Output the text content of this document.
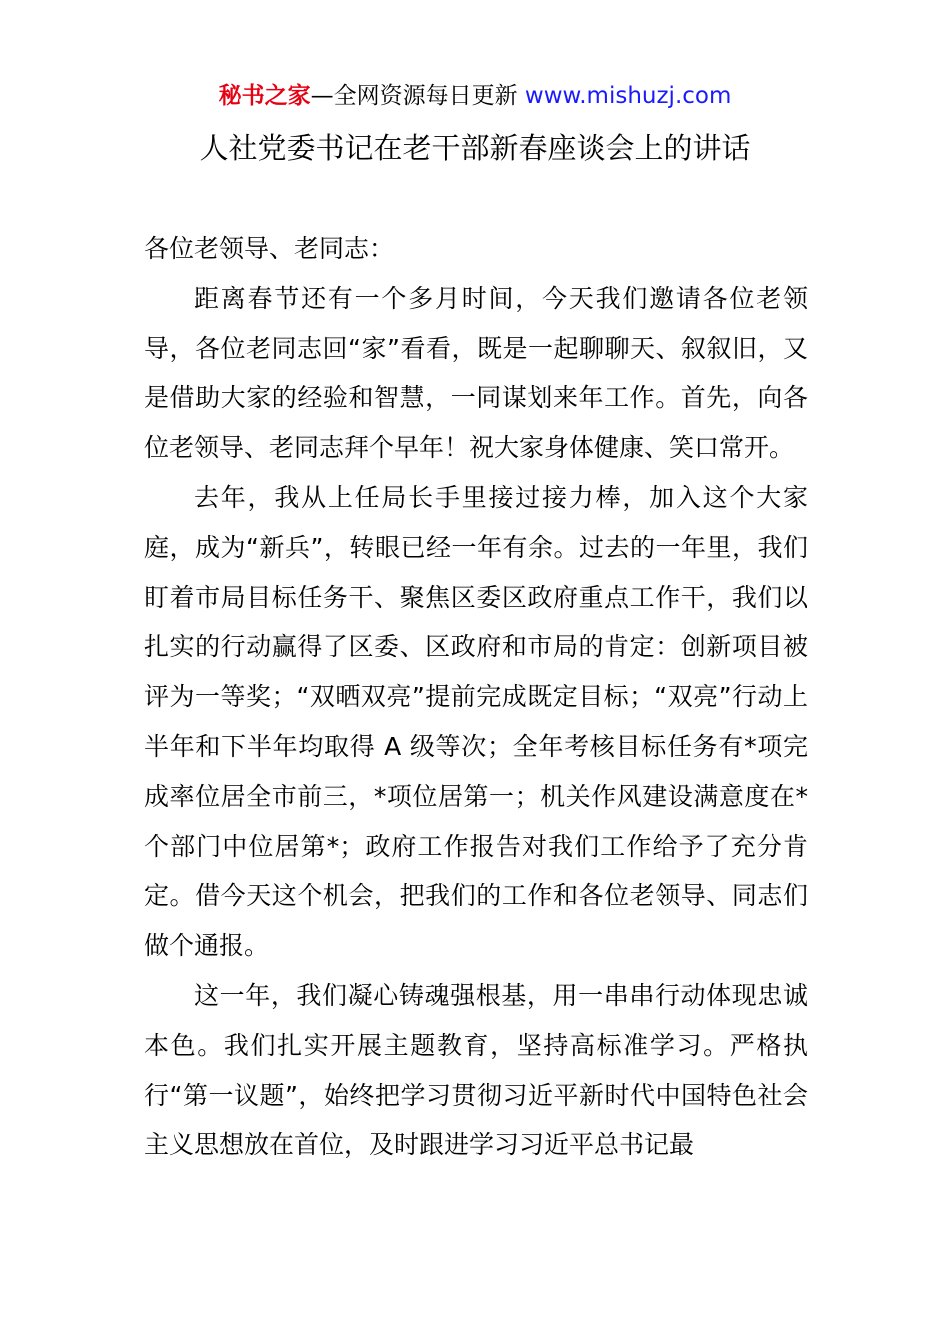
秘书之家—全网资源每日更新 www.mishuzj.com
人社党委书记在老干部新春座谈会上的讲话

各位老领导、老同志：

距离春节还有一个多月时间，今天我们邀请各位老领导，各位老同志回“家”看看，既是一起聊聊天、叙叙旧，又是借助大家的经验和智慧，一同谋划来年工作。首先，向各位老领导、老同志拜个早年！祝大家身体健康、笑口常开。

去年，我从上任局长手里接过接力棒，加入这个大家庭，成为“新兵”，转眼已经一年有余。过去的一年里，我们盯着市局目标任务干、聚焦区委区政府重点工作干，我们以扎实的行动赢得了区委、区政府和市局的肯定：创新项目被评为一等奖；“双晒双亮”提前完成既定目标；“双亮”行动上半年和下半年均取得 A 级等次；全年考核目标任务有*项完成率位居全市前三，*项位居第一；机关作风建设满意度在*个部门中位居第*；政府工作报告对我们工作给予了充分肯定。借今天这个机会，把我们的工作和各位老领导、同志们做个通报。

这一年，我们凝心铸魂强根基，用一串串行动体现忠诚本色。我们扎实开展主题教育，坚持高标准学习。严格执行“第一议题”，始终把学习贯彻习近平新时代中国特色社会主义思想放在首位，及时跟进学习习近平总书记最
